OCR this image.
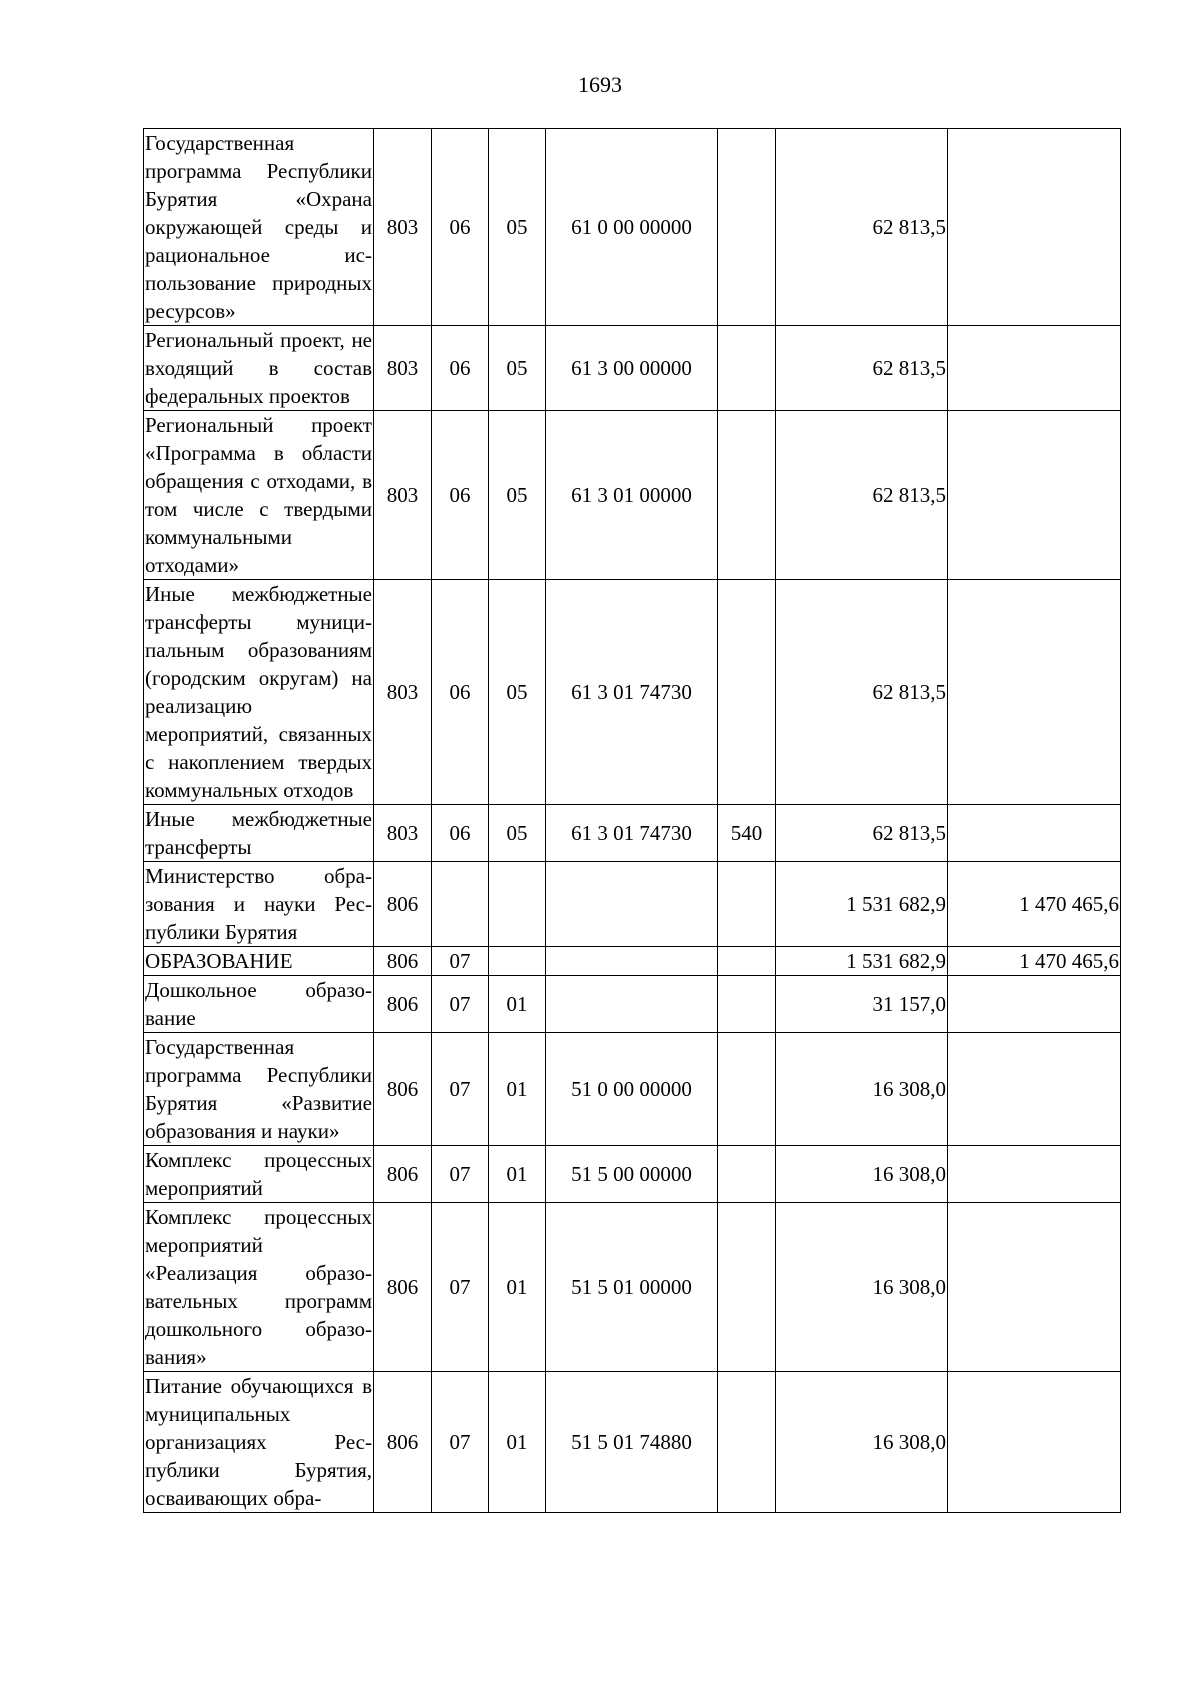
1693
Государственная программа Республики Бурятия «Охрана окружающей среды и рациональное использование природных ресурсов»	803	06	05	61 0 00 00000		62 813,5	
Региональный проект, не входящий в состав федеральных проектов	803	06	05	61 3 00 00000		62 813,5	
Региональный проект «Программа в области обращения с отходами, в том числе с твердыми коммунальными отходами»	803	06	05	61 3 01 00000		62 813,5	
Иные межбюджетные трансферты муниципальным образованиям (городским округам) на реализацию мероприятий, связанных с накоплением твердых коммунальных отходов	803	06	05	61 3 01 74730		62 813,5	
Иные межбюджетные трансферты	803	06	05	61 3 01 74730	540	62 813,5	
Министерство образования и науки Республики Бурятия	806					1 531 682,9	1 470 465,6
ОБРАЗОВАНИЕ	806	07				1 531 682,9	1 470 465,6
Дошкольное образование	806	07	01			31 157,0	
Государственная программа Республики Бурятия «Развитие образования и науки»	806	07	01	51 0 00 00000		16 308,0	
Комплекс процессных мероприятий	806	07	01	51 5 00 00000		16 308,0	
Комплекс процессных мероприятий «Реализация образовательных программ дошкольного образования»	806	07	01	51 5 01 00000		16 308,0	
Питание обучающихся в муниципальных организациях Республики Бурятия, осваивающих обра-	806	07	01	51 5 01 74880		16 308,0	
